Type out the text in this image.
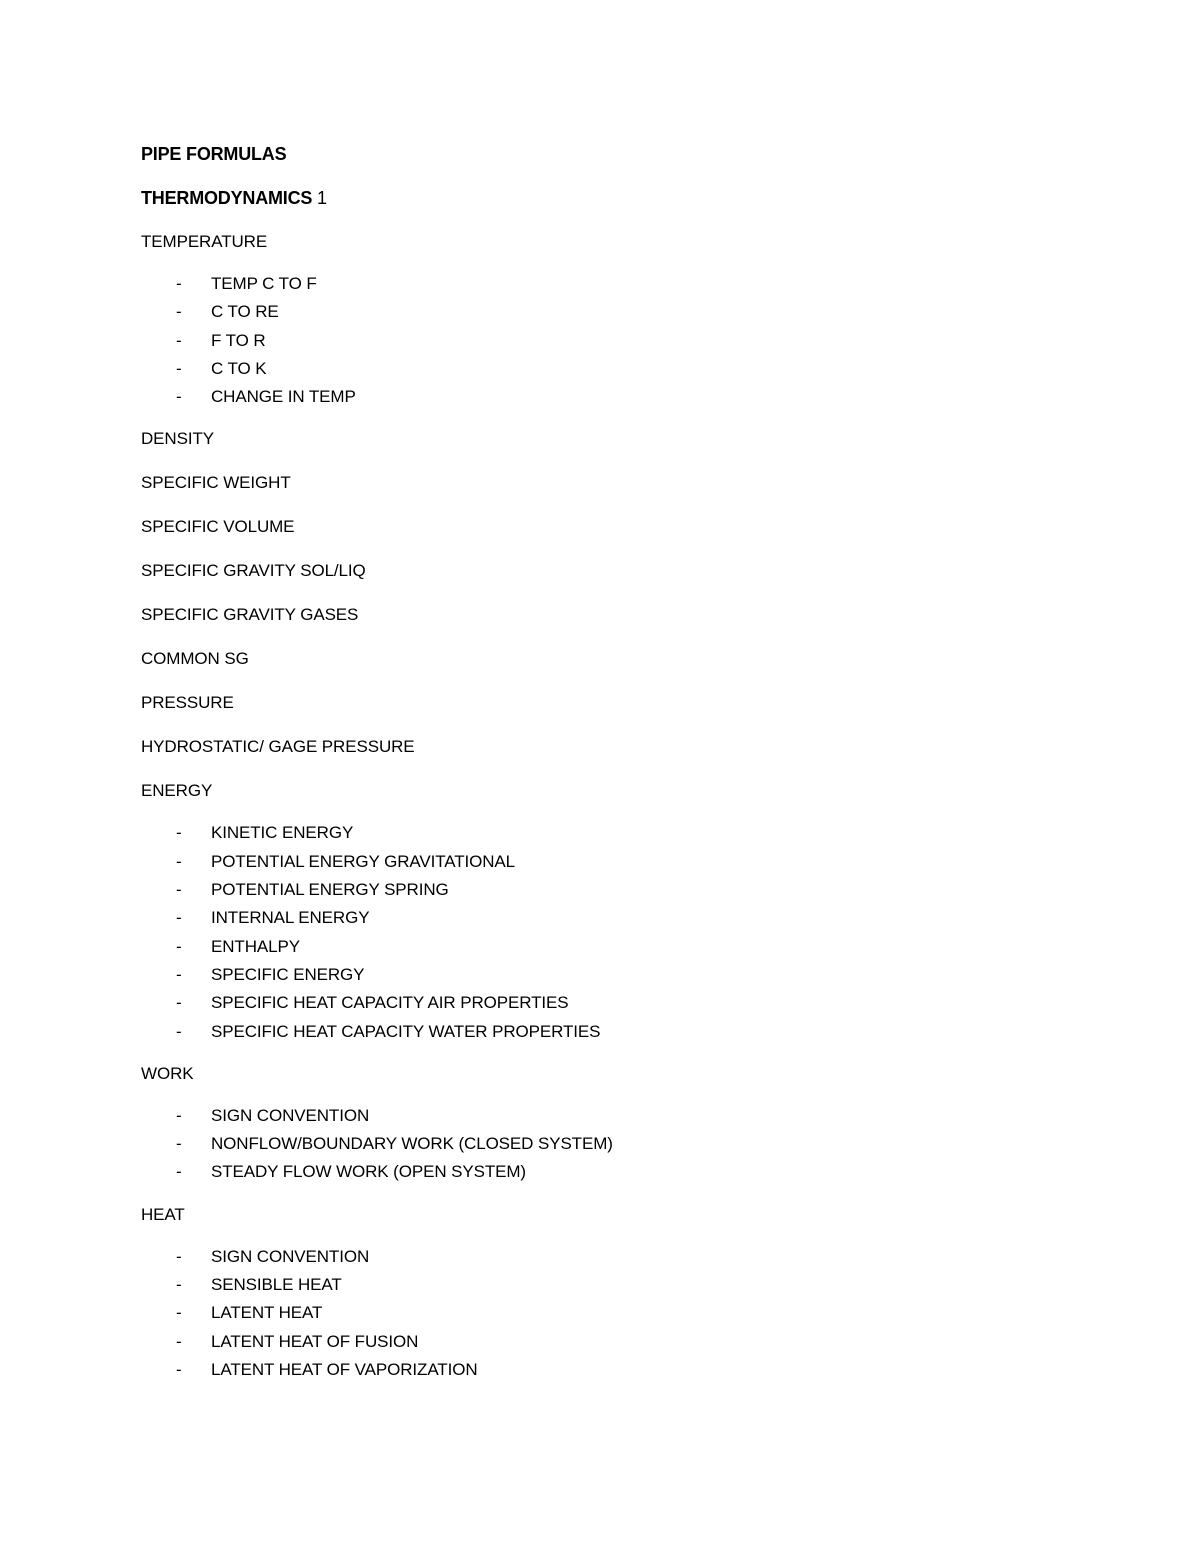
PIPE FORMULAS
THERMODYNAMICS 1
TEMPERATURE
- TEMP C TO F
- C TO RE
- F TO R
- C TO K
- CHANGE IN TEMP
DENSITY
SPECIFIC WEIGHT
SPECIFIC VOLUME
SPECIFIC GRAVITY SOL/LIQ
SPECIFIC GRAVITY GASES
COMMON SG
PRESSURE
HYDROSTATIC/ GAGE PRESSURE
ENERGY
- KINETIC ENERGY
- POTENTIAL ENERGY GRAVITATIONAL
- POTENTIAL ENERGY SPRING
- INTERNAL ENERGY
- ENTHALPY
- SPECIFIC ENERGY
- SPECIFIC HEAT CAPACITY AIR PROPERTIES
- SPECIFIC HEAT CAPACITY WATER PROPERTIES
WORK
- SIGN CONVENTION
- NONFLOW/BOUNDARY WORK (CLOSED SYSTEM)
- STEADY FLOW WORK (OPEN SYSTEM)
HEAT
- SIGN CONVENTION
- SENSIBLE HEAT
- LATENT HEAT
- LATENT HEAT OF FUSION
- LATENT HEAT OF VAPORIZATION
